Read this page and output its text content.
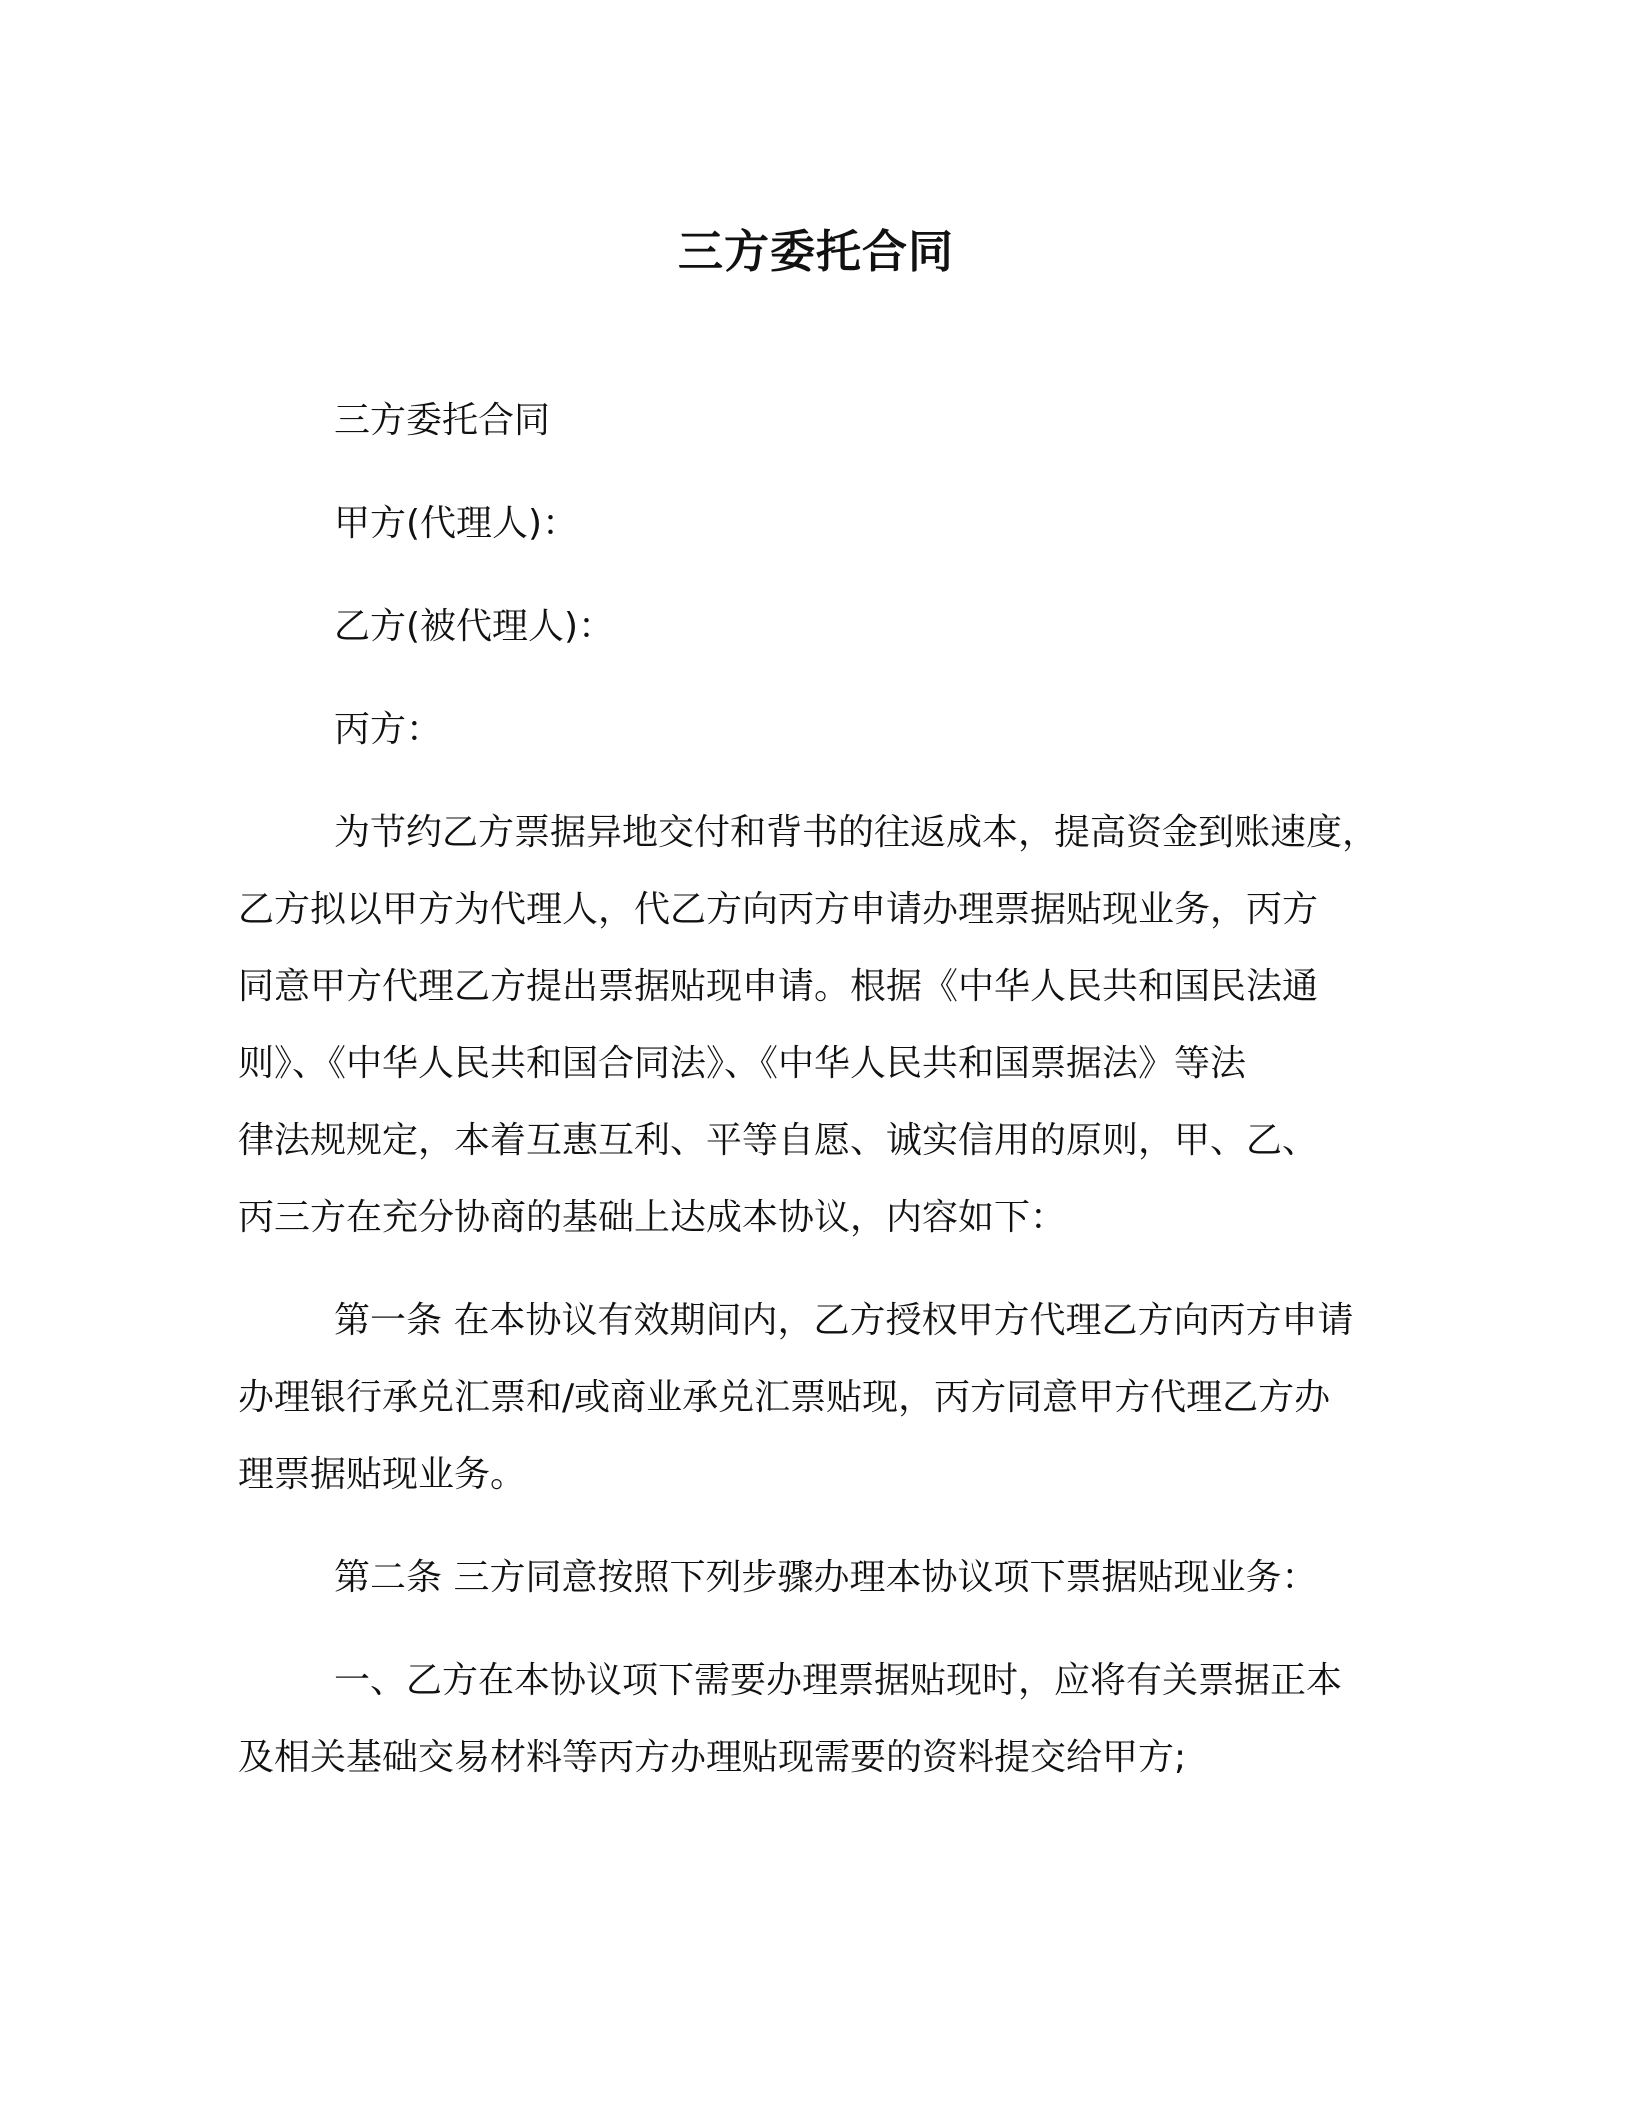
三方委托合同

三方委托合同

甲方(代理人)：

乙方(被代理人)：

丙方：

为节约乙方票据异地交付和背书的往返成本，提高资金到账速度，

乙方拟以甲方为代理人，代乙方向丙方申请办理票据贴现业务，丙方

同意甲方代理乙方提出票据贴现申请。根据《中华人民共和国民法通

则》、《中华人民共和国合同法》、《中华人民共和国票据法》等法

律法规规定，本着互惠互利、平等自愿、诚实信用的原则，甲、乙、

丙三方在充分协商的基础上达成本协议，内容如下：

第一条 在本协议有效期间内，乙方授权甲方代理乙方向丙方申请

办理银行承兑汇票和/或商业承兑汇票贴现，丙方同意甲方代理乙方办

理票据贴现业务。

第二条 三方同意按照下列步骤办理本协议项下票据贴现业务：

一、乙方在本协议项下需要办理票据贴现时，应将有关票据正本

及相关基础交易材料等丙方办理贴现需要的资料提交给甲方;
